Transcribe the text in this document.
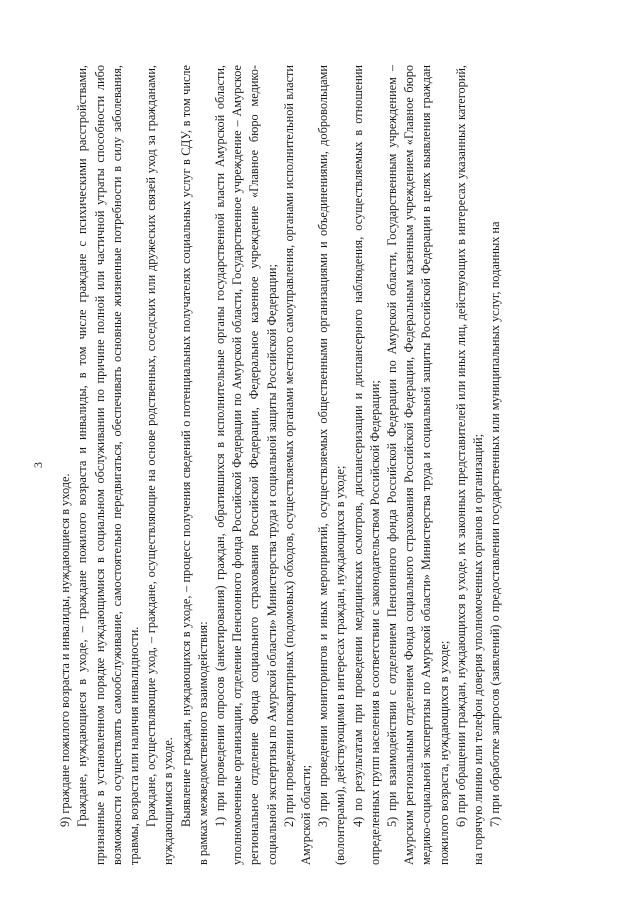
3

9) граждане пожилого возраста и инвалиды, нуждающиеся в уходе. Граждане, нуждающиеся в уходе, – граждане пожилого возраста и инвалиды, в том числе граждане с психическими расстройствами, признанные в установленном порядке нуждающимися в социальном обслуживании по причине полной или частичной утраты способности либо возможности осуществлять самообслуживание, самостоятельно передвигаться, обеспечивать основные жизненные потребности в силу заболевания, травмы, возраста или наличия инвалидности. Граждане, осуществляющие уход, – граждане, осуществляющие на основе родственных, соседских или дружеских связей уход за гражданами, нуждающимися в уходе. Выявление граждан, нуждающихся в уходе, – процесс получения сведений о потенциальных получателях социальных услуг в СДУ, в том числе в рамках межведомственного взаимодействия: 1) при проведении опросов (анкетирования) граждан, обратившихся в исполнительные органы государственной власти Амурской области, уполномоченные организации, отделение Пенсионного фонда Российской Федерации по Амурской области, Государственное учреждение – Амурское региональное отделение Фонда социального страхования Российской Федерации, Федеральное казенное учреждение «Главное бюро медико-социальной экспертизы по Амурской области» Министерства труда и социальной защиты Российской Федерации; 2) при проведении поквартирных (подомовых) обходов, осуществляемых органами местного самоуправления, органами исполнительной власти Амурской области; 3) при проведении мониторингов и иных мероприятий, осуществляемых общественными организациями и объединениями, добровольцами (волонтерами), действующими в интересах граждан, нуждающихся в уходе; 4) по результатам при проведении медицинских осмотров, диспансеризации и диспансерного наблюдения, осуществляемых в отношении определенных групп населения в соответствии с законодательством Российской Федерации; 5) при взаимодействии с отделением Пенсионного фонда Российской Федерации по Амурской области, Государственным учреждением – Амурским региональным отделением Фонда социального страхования Российской Федерации, Федеральным казенным учреждением «Главное бюро медико-социальной экспертизы по Амурской области» Министерства труда и социальной защиты Российской Федерации в целях выявления граждан пожилого возраста, нуждающихся в уходе; 6) при обращении граждан, нуждающихся в уходе, их законных представителей или иных лиц, действующих в интересах указанных категорий, на горячую линию или телефон доверия уполномоченных органов и организаций; 7) при обработке запросов (заявлений) о предоставлении государственных или муниципальных услуг, поданных на
